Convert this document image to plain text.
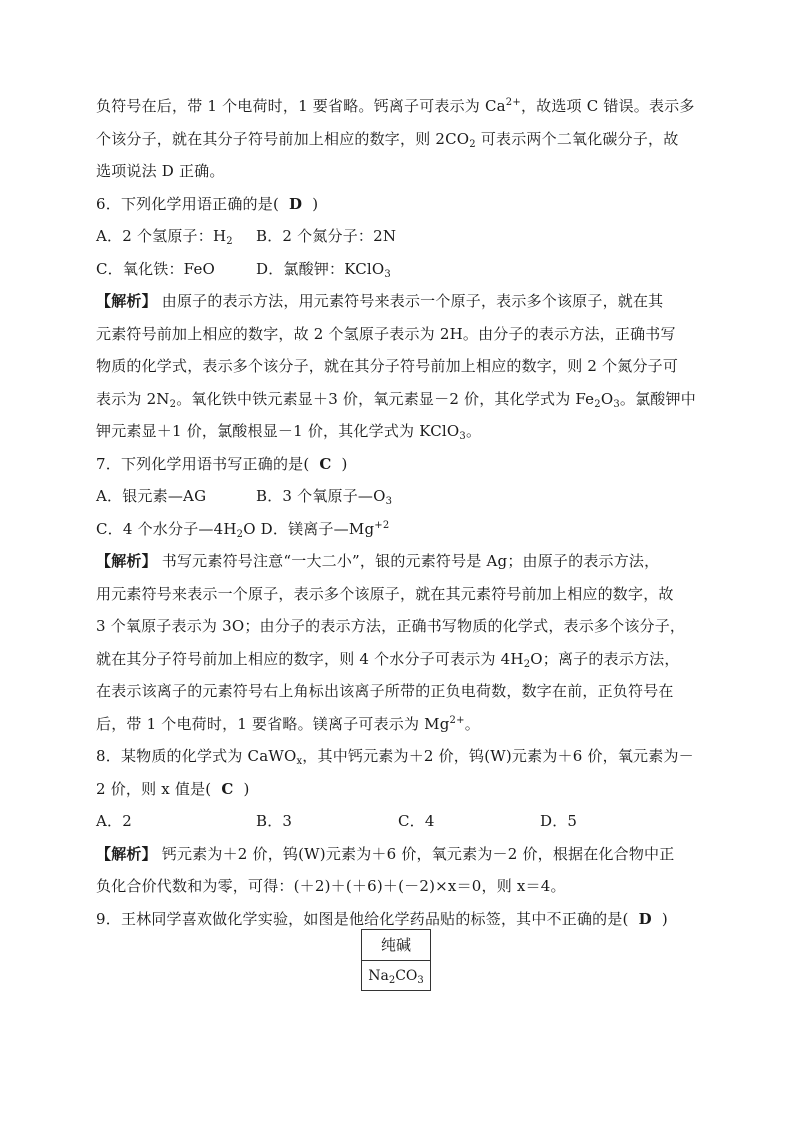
负符号在后，带 1 个电荷时，1 要省略。钙离子可表示为 $Ca^{2+}$，故选项 C 错误。表示多
个该分子，就在其分子符号前加上相应的数字，则 $2CO_2$ 可表示两个二氧化碳分子，故
选项说法 D 正确。
6．下列化学用语正确的是( D )
A．2 个氢原子：$H_2$ B．2 个氮分子：2N
C．氧化铁：FeO	D．氯酸钾：KClO$_3$
【解析】 由原子的表示方法，用元素符号来表示一个原子，表示多个该原子，就在其
元素符号前加上相应的数字，故 2 个氢原子表示为 2H。由分子的表示方法，正确书写
物质的化学式，表示多个该分子，就在其分子符号前加上相应的数字，则 2 个氮分子可
表示为 $2N_2$。氧化铁中铁元素显＋3 价，氧元素显－2 价，其化学式为 $Fe_2O_3$。氯酸钾中
钾元素显＋1 价，氯酸根显－1 价，其化学式为 KClO$_3$。
7．下列化学用语书写正确的是( C )
A．银元素—AG	B．3 个氧原子$—O_3$
C．4 个水分子$—4H_2O$ D．镁离子$—Mg^{+2}$
【解析】 书写元素符号注意“一大二小”，银的元素符号是 Ag；由原子的表示方法，
用元素符号来表示一个原子，表示多个该原子，就在其元素符号前加上相应的数字，故
3 个氧原子表示为 3O；由分子的表示方法，正确书写物质的化学式，表示多个该分子，
就在其分子符号前加上相应的数字，则 4 个水分子可表示为 $4H_2O$；离子的表示方法，
在表示该离子的元素符号右上角标出该离子所带的正负电荷数，数字在前，正负符号在
后，带 1 个电荷时，1 要省略。镁离子可表示为 $Mg^{2+}$。
8．某物质的化学式为 CaWO$_x$，其中钙元素为＋2 价，钨(W)元素为＋6 价，氧元素为－
2 价，则 x 值是( C )
A．2	B．3	C．4	D．5
【解析】 钙元素为＋2 价，钨(W)元素为＋6 价，氧元素为－2 价，根据在化合物中正
负化合价代数和为零，可得：(＋2)＋(＋6)＋(－2)×x＝0，则 x＝4。
9．王林同学喜欢做化学实验，如图是他给化学药品贴的标签，其中不正确的是( D )
纯碱
$Na_2CO_3$
